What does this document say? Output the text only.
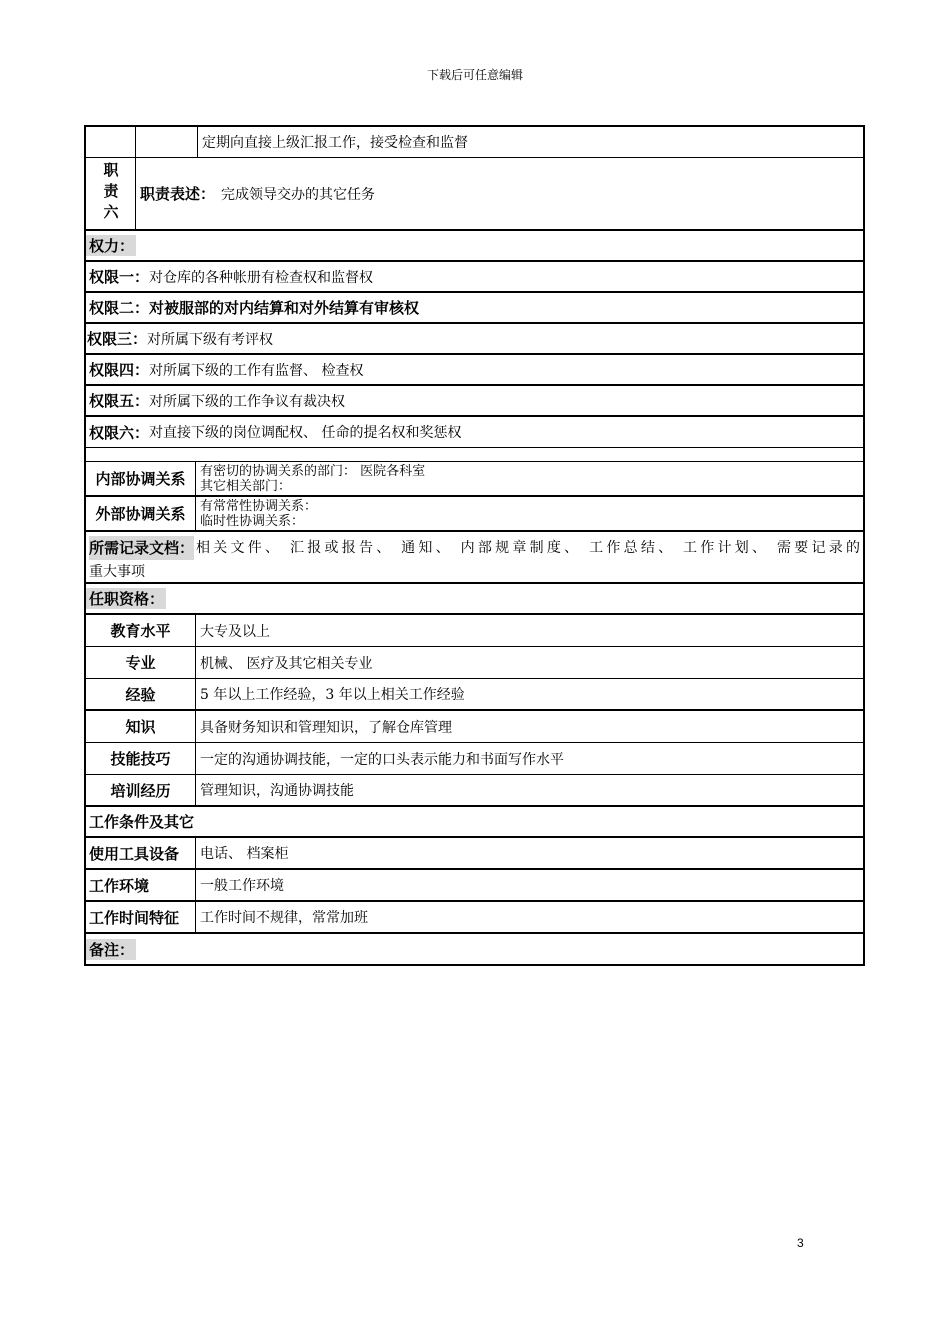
下载后可任意编辑
定期向直接上级汇报工作，接受检查和监督
职责六	职责表述： 完成领导交办的其它任务
权力：
权限一： 对仓库的各种帐册有检查权和监督权
权限二： 对被服部的对内结算和对外结算有审核权
权限三： 对所属下级有考评权
权限四： 对所属下级的工作有监督、 检查权
权限五： 对所属下级的工作争议有裁决权
权限六： 对直接下级的岗位调配权、 任命的提名权和奖惩权
内部协调关系	有密切的协调关系的部门： 医院各科室
其它相关部门：
外部协调关系	有常常性协调关系：
临时性协调关系：
所需记录文档： 相关文件、 汇报或报告、 通知、 内部规章制度、 工作总结、 工作计划、 需要记录的
重大事项
任职资格：
教育水平	大专及以上
专业	机械、 医疗及其它相关专业
经验	5 年以上工作经验，3 年以上相关工作经验
知识	具备财务知识和管理知识，了解仓库管理
技能技巧	一定的沟通协调技能，一定的口头表示能力和书面写作水平
培训经历	管理知识，沟通协调技能
工作条件及其它
使用工具设备	电话、 档案柜
工作环境	一般工作环境
工作时间特征	工作时间不规律，常常加班
备注：
3
